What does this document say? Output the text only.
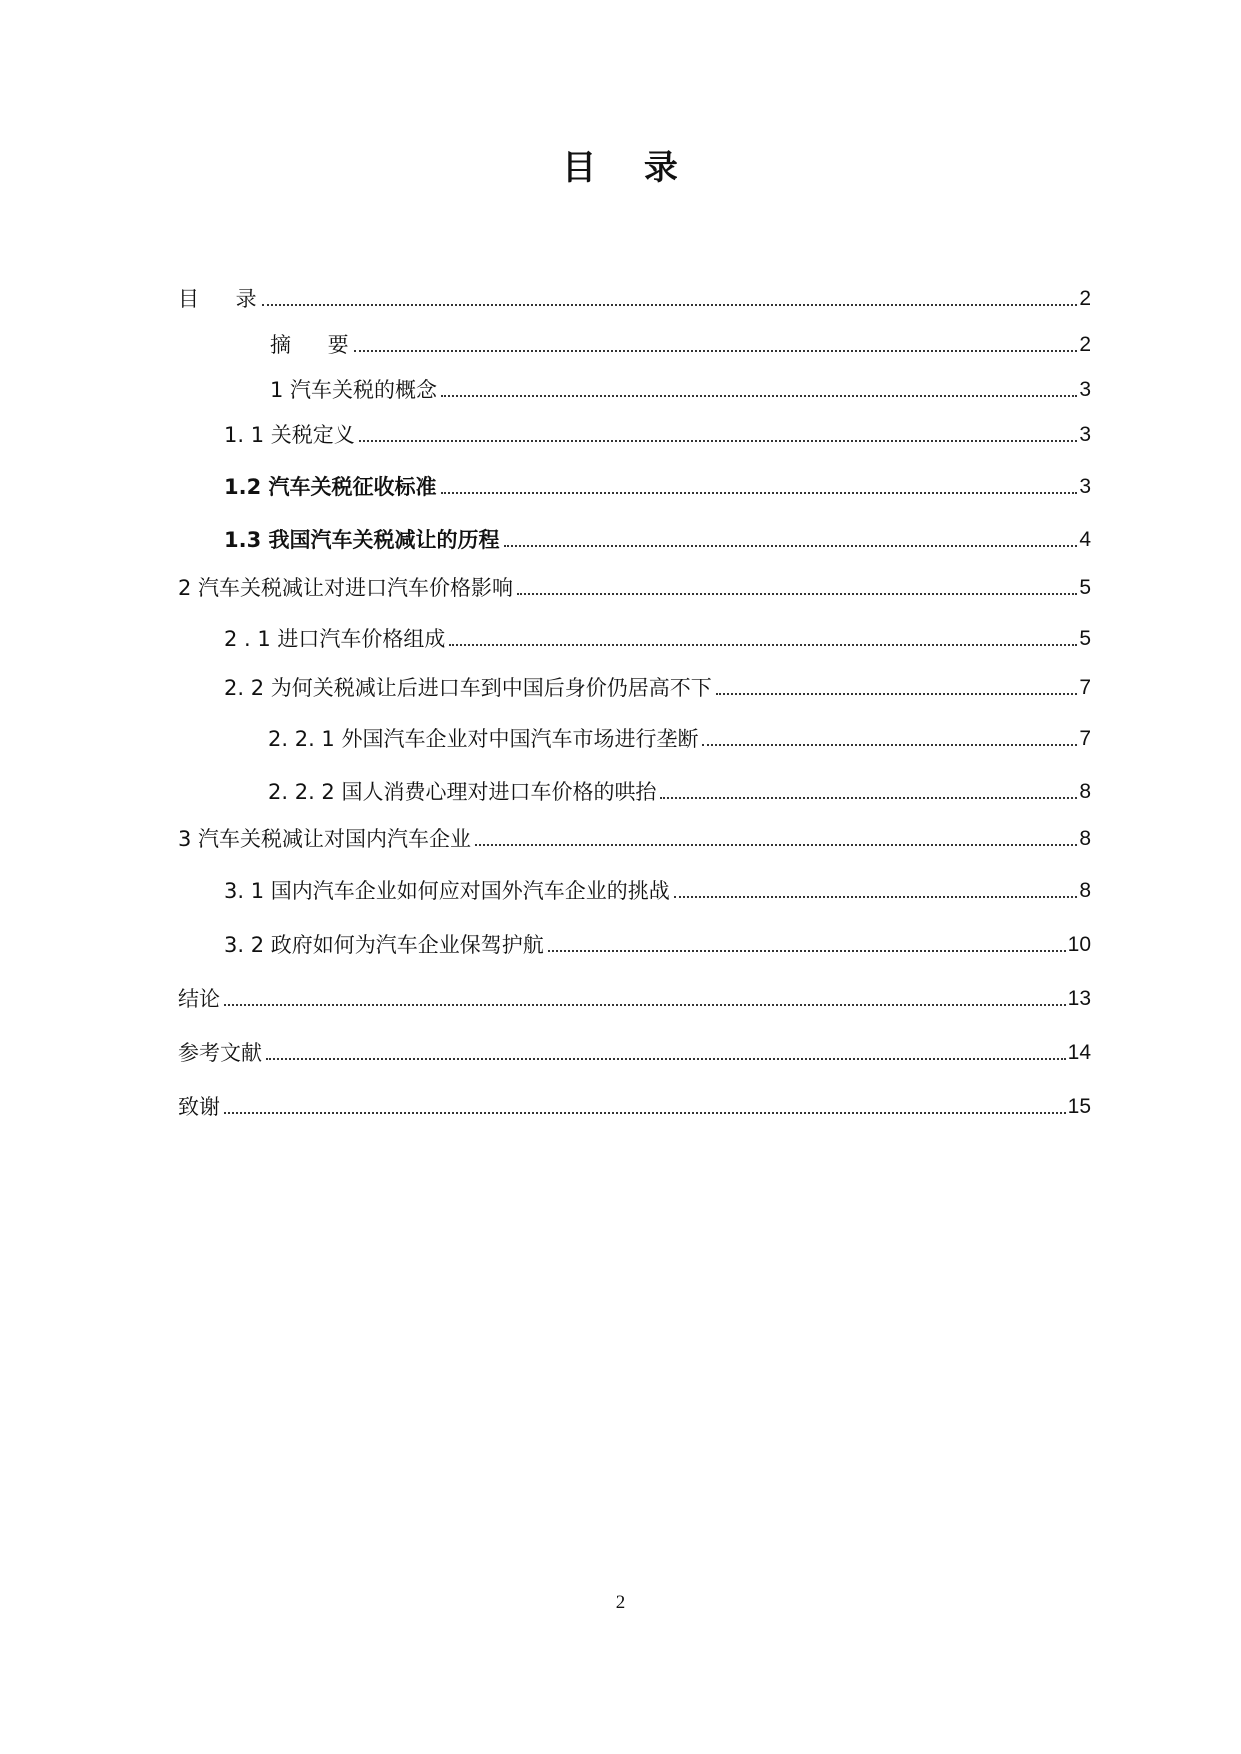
目 录
目 录	2
摘 要	2
1 汽车关税的概念	3
1. 1 关税定义	3
1.2 汽车关税征收标准	3
1.3 我国汽车关税减让的历程	4
2 汽车关税减让对进口汽车价格影响	5
2 . 1 进口汽车价格组成	5
2. 2 为何关税减让后进口车到中国后身价仍居高不下	7
2. 2. 1 外国汽车企业对中国汽车市场进行垄断	7
2. 2. 2 国人消费心理对进口车价格的哄抬	8
3 汽车关税减让对国内汽车企业	8
3. 1 国内汽车企业如何应对国外汽车企业的挑战	8
3. 2 政府如何为汽车企业保驾护航	10
结论	13
参考文献	14
致谢	15
2
